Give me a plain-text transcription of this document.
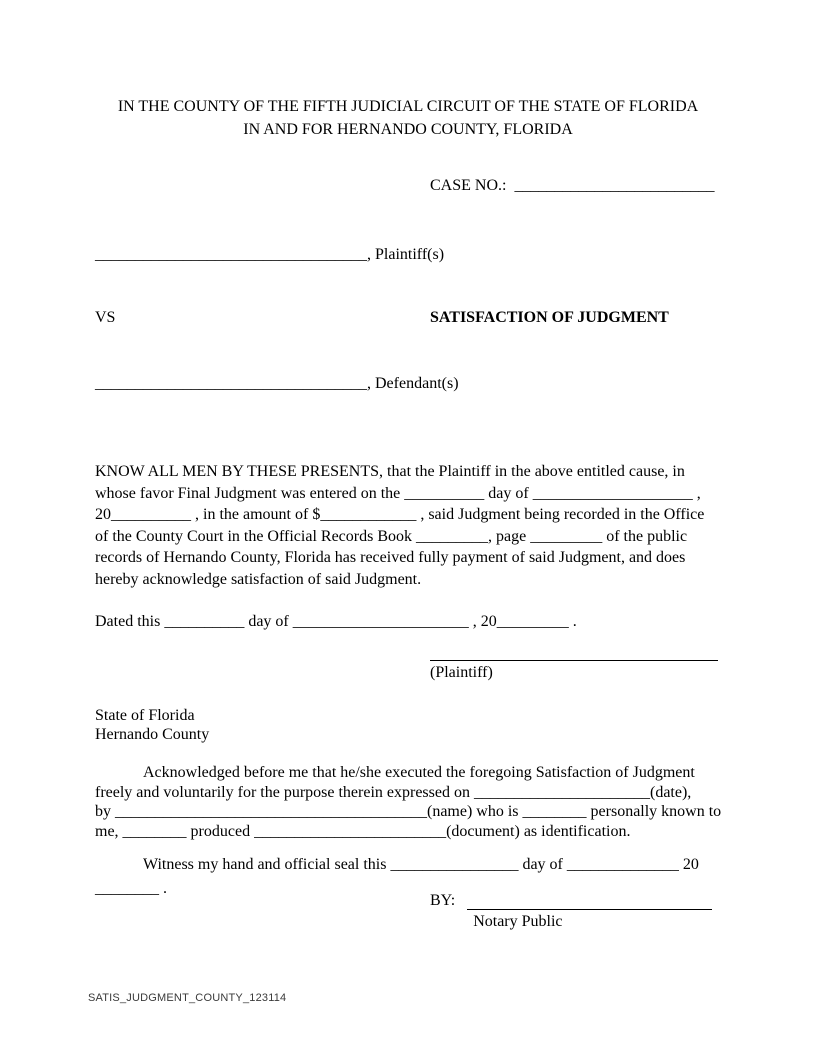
IN THE COUNTY OF THE FIFTH JUDICIAL CIRCUIT OF THE STATE OF FLORIDA
IN AND FOR HERNANDO COUNTY, FLORIDA
CASE NO.:  _________________________
__________________________________, Plaintiff(s)
VS	SATISFACTION OF JUDGMENT
__________________________________, Defendant(s)
KNOW ALL MEN BY THESE PRESENTS, that the Plaintiff in the above entitled cause, in
whose favor Final Judgment was entered on the __________ day of ____________________ ,
20__________ , in the amount of $____________ , said Judgment being recorded in the Office
of the County Court in the Official Records Book _________, page _________ of the public
records of Hernando County, Florida has received fully payment of said Judgment, and does
hereby acknowledge satisfaction of said Judgment.
Dated this __________ day of ______________________ , 20_________ .
(Plaintiff)
State of Florida
Hernando County
Acknowledged before me that he/she executed the foregoing Satisfaction of Judgment
freely and voluntarily for the purpose therein expressed on ______________________(date),
by _______________________________________(name) who is ________ personally known to
me, ________ produced ________________________(document) as identification.
Witness my hand and official seal this ________________ day of ______________ 20
________ .
BY:
Notary Public
SATIS_JUDGMENT_COUNTY_123114
